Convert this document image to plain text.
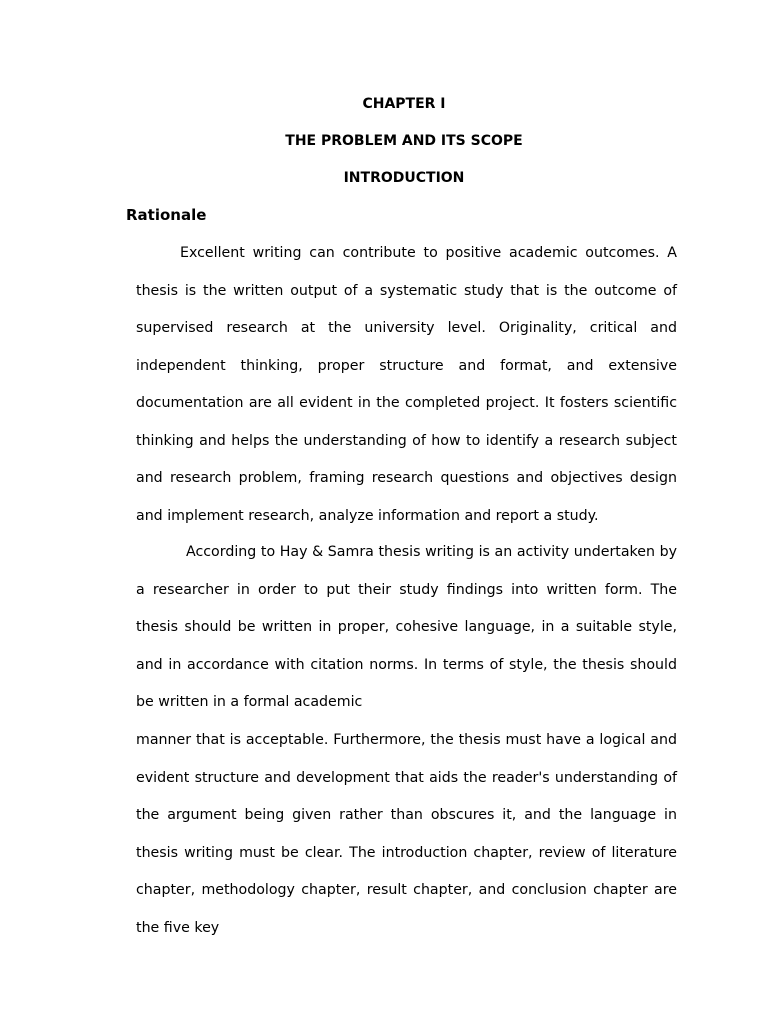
CHAPTER I
THE PROBLEM AND ITS SCOPE
INTRODUCTION
Rationale

Excellent writing can contribute to positive academic outcomes. A thesis is the written output of a systematic study that is the outcome of supervised research at the university level. Originality, critical and independent thinking, proper structure and format, and extensive documentation are all evident in the completed project. It fosters scientific thinking and helps the understanding of how to identify a research subject and research problem, framing research questions and objectives design and implement research, analyze information and report a study.

According to Hay & Samra thesis writing is an activity undertaken by a researcher in order to put their study findings into written form. The thesis should be written in proper, cohesive language, in a suitable style, and in accordance with citation norms. In terms of style, the thesis should be written in a formal academic

manner that is acceptable. Furthermore, the thesis must have a logical and evident structure and development that aids the reader's understanding of the argument being given rather than obscures it, and the language in thesis writing must be clear. The introduction chapter, review of literature chapter, methodology chapter, result chapter, and conclusion chapter are the five key
